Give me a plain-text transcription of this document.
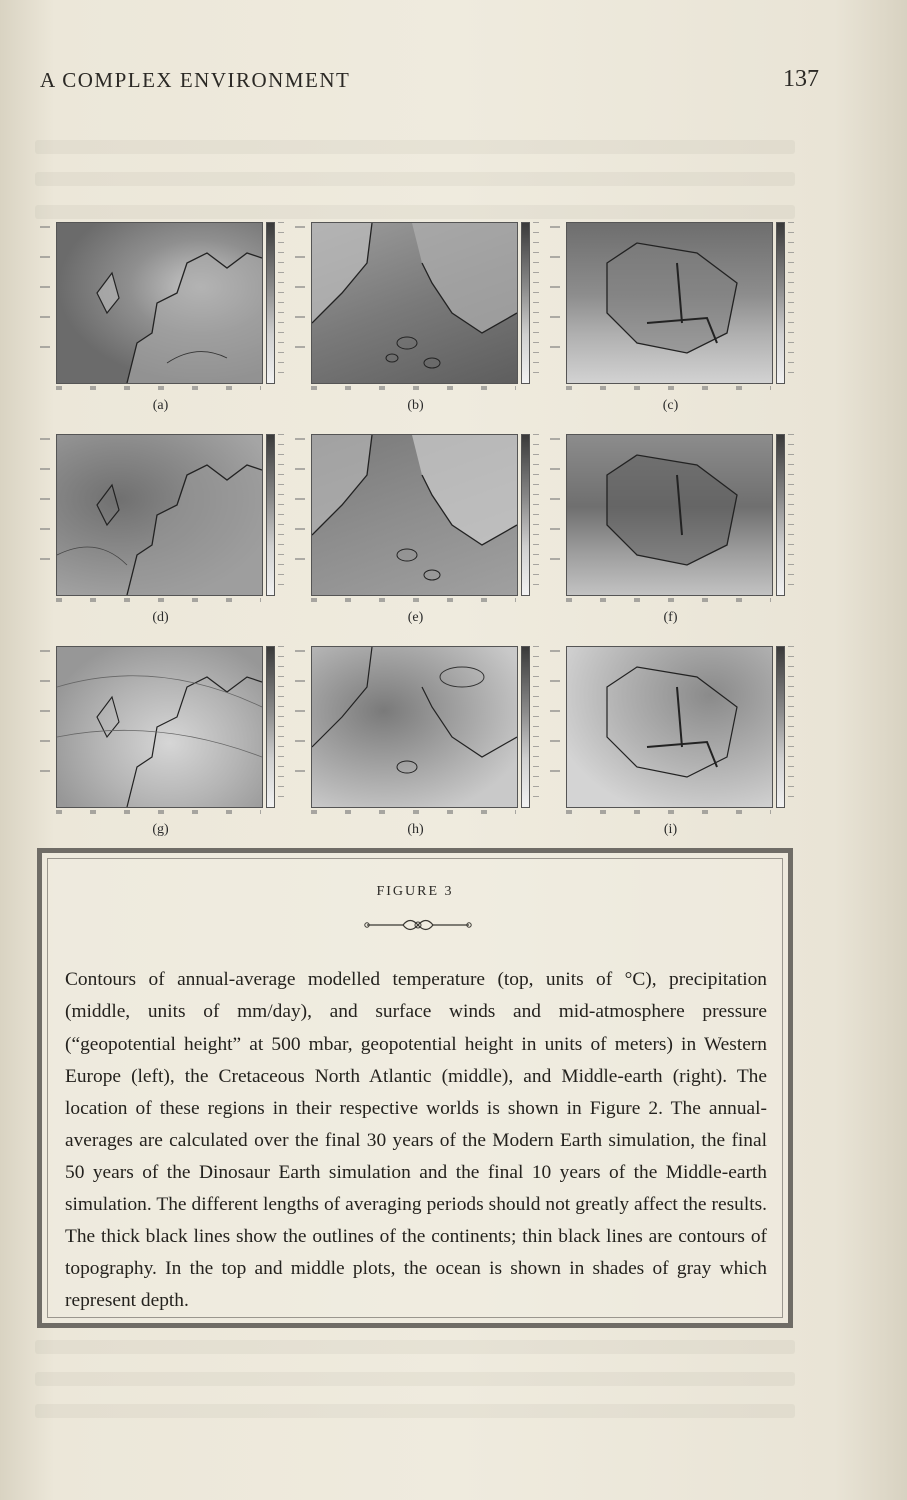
A COMPLEX ENVIRONMENT	137
(a)	(b)	(c)
(d)	(e)	(f)
(g)	(h)	(i)
FIGURE 3

Contours of annual-average modelled temperature (top, units of °C), precipitation (middle, units of mm/day), and surface winds and mid-atmosphere pressure (“geopotential height” at 500 mbar, geopotential height in units of meters) in Western Europe (left), the Cretaceous North Atlantic (middle), and Middle-earth (right). The location of these regions in their respective worlds is shown in Figure 2. The annual-averages are calculated over the final 30 years of the Modern Earth simulation, the final 50 years of the Dinosaur Earth simulation and the final 10 years of the Middle-earth simulation. The different lengths of averaging periods should not greatly affect the results. The thick black lines show the outlines of the continents; thin black lines are contours of topography. In the top and middle plots, the ocean is shown in shades of gray which represent depth.
